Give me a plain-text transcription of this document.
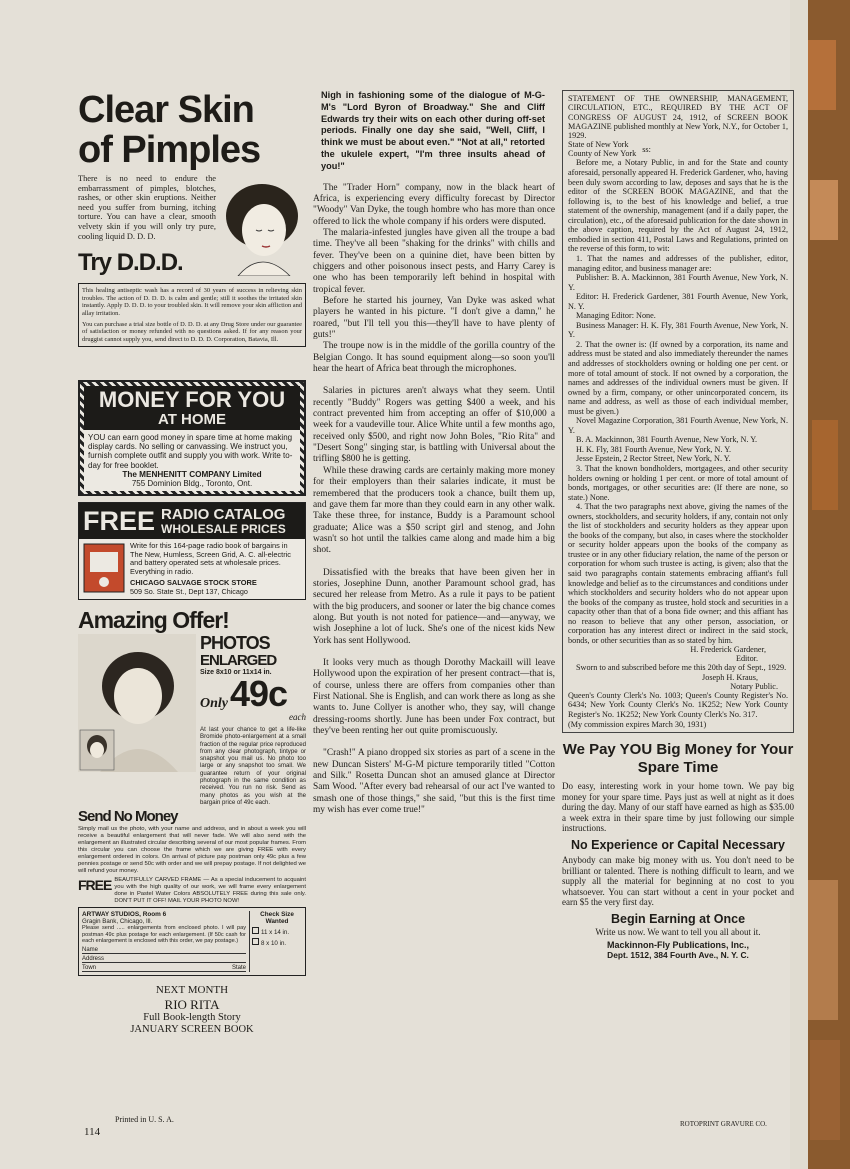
Clear Skin
of Pimples

There is no need to endure the embarrassment of pimples, blotches, rashes, or other skin eruptions. Neither need you suffer from burning, itching torture. You can have a clear, smooth velvety skin if you will only try pure, cooling liquid D. D. D.

Try D.D.D.

This healing antiseptic wash has a record of 30 years of success in relieving skin troubles. The action of D. D. D. is calm and gentle; still it soothes the irritated skin instantly. Apply D. D. D. to your troubled skin. It will remove your skin affliction and allay irritation.

You can purchase a trial size bottle of D. D. D. at any Drug Store under our guarantee of satisfaction or money refunded with no questions asked. If for any reason your druggist cannot supply you, send direct to D. D. D. Corporation, Batavia, Ill.

MONEY FOR YOU
AT HOME

YOU can earn good money in spare time at home making display cards. No selling or canvassing. We instruct you, furnish complete outfit and supply you with work. Write to-day for free booklet.

The MENHENITT COMPANY Limited
755 Dominion Bldg., Toronto, Ont.
FREE RADIO CATALOG
WHOLESALE PRICES

Write for this 164-page radio book of bargains in The New, Humless, Screen Grid, A. C. all-electric and battery operated sets at wholesale prices. Everything in radio.

CHICAGO SALVAGE STOCK STORE
509 So. State St., Dept 137, Chicago
Amazing Offer!
PHOTOS
ENLARGED
Size 8x10 or 11x14 in.
Only 49c
each

At last your chance to get a life-like Bromide photo-enlargement at a small fraction of the regular price reproduced from any clear photograph, tintype or snapshot you mail us. No photo too large or any snapshot too small. We guarantee return of your original photograph in the same condition as received. You run no risk. Send as many photos as you wish at the bargain price of 49c each.

Send No Money

Simply mail us the photo, with your name and address, and in about a week you will receive a beautiful enlargement that will never fade. We will also send with the enlargement an illustrated circular describing several of our most popular frames. From this circular you can choose the frame which we are giving FREE with every enlargement ordered in colors. On arrival of picture pay postman only 49c plus a few pennies postage or send 50c with order and we will prepay postage. If not delighted we will refund your money.

FREE BEAUTIFULLY CARVED FRAME — As a special inducement to acquaint you with the high quality of our work, we will frame every enlargement done in Pastel Water Colors ABSOLUTELY FREE during this sale only. DON'T PUT IT OFF! MAIL YOUR PHOTO NOW!

ARTWAY STUDIOS, Room 6
Gragin Bank, Chicago, Ill.

Please send ..... enlargements from enclosed photo. I will pay postman 49c plus postage for each enlargement. (If 50c cash for each enlargement is enclosed with this order, we pay postage.)

Name
Address
Town	State
Check Size Wanted
11 x 14 in.
8 x 10 in.
NEXT MONTH
RIO RITA
Full Book-length Story
JANUARY SCREEN BOOK
Printed in U. S. A.
114

Nigh in fashioning some of the dialogue of M-G-M's "Lord Byron of Broadway." She and Cliff Edwards try their wits on each other during off-set periods. Finally one day she said, "Well, Cliff, I think we must be about even." "Not at all," retorted the ukulele expert, "I'm three insults ahead of you!"

The "Trader Horn" company, now in the black heart of Africa, is experiencing every difficulty forecast by Director "Woody" Van Dyke, the tough hombre who has more than once offered to lick the whole company if his orders were disputed.

The malaria-infested jungles have given all the troupe a bad time. They've all been "shaking for the drinks" with chills and fever. They've been on a quinine diet, have been bitten by chiggers and other poisonous insect pests, and Harry Carey is one who has been temporarily left behind in hospital with tropical fever.

Before he started his journey, Van Dyke was asked what players he wanted in his picture. "I don't give a damn," he roared, "but I'll tell you this—they'll have to have plenty of guts!"

The troupe now is in the middle of the gorilla country of the Belgian Congo. It has sound equipment along—so soon you'll hear the heart of Africa beat through the microphones.

Salaries in pictures aren't always what they seem. Until recently "Buddy" Rogers was getting $400 a week, and his contract prevented him from accepting an offer of $10,000 a week for a vaudeville tour. Alice White until a few months ago, received only $500, and right now John Boles, "Rio Rita" and "Desert Song" singing star, is battling with Universal about the trifling $800 he is getting.

While these drawing cards are certainly making more money for their employers than their salaries indicate, it must be remembered that the producers took a chance, built them up, and gave them far more than they could earn in any other walk. Take these three, for instance, Buddy is a Paramount school graduate; Alice was a $50 script girl and stenog, and John wasn't so hot until the talkies came along and made him a big shot.

Dissatisfied with the breaks that have been given her in stories, Josephine Dunn, another Paramount school grad, has secured her release from Metro. As a rule it pays to be patient with the big producers, and sooner or later the big chance comes along. But youth is not noted for patience—and—anyway, we wish Josephine a lot of luck. She's one of the nicest kids New York has sent Hollywood.

It looks very much as though Dorothy Mackaill will leave Hollywood upon the expiration of her present contract—that is, of course, unless there are offers from companies other than First National. She is English, and can work there as long as she wants to. June Collyer is another who, they say, will change dressing-rooms shortly. June has been under Fox contract, but they've been renting her out quite promiscuously.

"Crash!" A piano dropped six stories as part of a scene in the new Duncan Sisters' M-G-M picture temporarily titled "Cotton and Silk." Rosetta Duncan shot an amused glance at Director Sam Wood. "After every bad rehearsal of our act I've wanted to smash one of those things," she said, "but this is the first time my wish has ever come true!"

STATEMENT OF THE OWNERSHIP, MANAGEMENT, CIRCULATION, ETC., REQUIRED BY THE ACT OF CONGRESS OF AUGUST 24, 1912, of SCREEN BOOK MAGAZINE published monthly at New York, N.Y., for October 1, 1929.

State of New York
County of New York ss:

Before me, a Notary Public, in and for the State and county aforesaid, personally appeared H. Frederick Gardener, who, having been duly sworn according to law, deposes and says that he is the editor of the SCREEN BOOK MAGAZINE, and that the following is, to the best of his knowledge and belief, a true statement of the ownership, management (and if a daily paper, the circulation), etc., of the aforesaid publication for the date shown in the above caption, required by the Act of August 24, 1912, embodied in section 411, Postal Laws and Regulations, printed on the reverse of this form, to wit:

1. That the names and addresses of the publisher, editor, managing editor, and business manager are:

Publisher: B. A. Mackinnon, 381 Fourth Avenue, New York, N. Y.

Editor: H. Frederick Gardener, 381 Fourth Avenue, New York, N. Y.

Managing Editor: None.

Business Manager: H. K. Fly, 381 Fourth Avenue, New York, N. Y.

2. That the owner is: (If owned by a corporation, its name and address must be stated and also immediately thereunder the names and addresses of stockholders owning or holding one per cent. or more of total amount of stock. If not owned by a corporation, the names and addresses of the individual owners must be given. If owned by a firm, company, or other unincorporated concern, its name and address, as well as those of each individual member, must be given.)

Novel Magazine Corporation, 381 Fourth Avenue, New York, N. Y.

B. A. Mackinnon, 381 Fourth Avenue, New York, N. Y.

H. K. Fly, 381 Fourth Avenue, New York, N. Y.

Jesse Epstein, 2 Rector Street, New York, N. Y.

3. That the known bondholders, mortgagees, and other security holders owning or holding 1 per cent. or more of total amount of bonds, mortgages, or other securities are: (If there are none, so state.) None.

4. That the two paragraphs next above, giving the names of the owners, stockholders, and security holders, if any, contain not only the list of stockholders and security holders as they appear upon the books of the company, but also, in cases where the stockholder or security holder appears upon the books of the company as trustee or in any other fiduciary relation, the name of the person or corporation for whom such trustee is acting, is given; also that the said two paragraphs contain statements embracing affiant's full knowledge and belief as to the circumstances and conditions under which stockholders and security holders who do not appear upon the books of the company as trustee, hold stock and securities in a capacity other than that of a bona fide owner; and this affiant has no reason to believe that any other person, association, or corporation has any interest direct or indirect in the said stock, bonds, or other securities than as so stated by him.

H. Frederick Gardener,
Editor.

Sworn to and subscribed before me this 20th day of Sept., 1929.

Joseph H. Kraus,
Notary Public.

Queen's County Clerk's No. 1003; Queen's County Register's No. 6434; New York County Clerk's No. 1K252; New York County Register's No. 1K252; New York County Clerk's No. 317.

(My commission expires March 30, 1931)

We Pay YOU Big Money for Your Spare Time

Do easy, interesting work in your home town. We pay big money for your spare time. Pays just as well at night as it does during the day. Many of our staff have earned as high as $35.00 a week extra in their spare time by just following our simple instructions.

No Experience or Capital Necessary

Anybody can make big money with us. You don't need to be brilliant or talented. There is nothing difficult to learn, and we supply all the material for beginning at no cost to you whatsoever. You can start without a cent in your pocket and earn $5 the very first day.

Begin Earning at Once

Write us now. We want to tell you all about it.

Mackinnon-Fly Publications, Inc.,
Dept. 1512, 384 Fourth Ave., N. Y. C.
ROTOPRINT GRAVURE CO.
